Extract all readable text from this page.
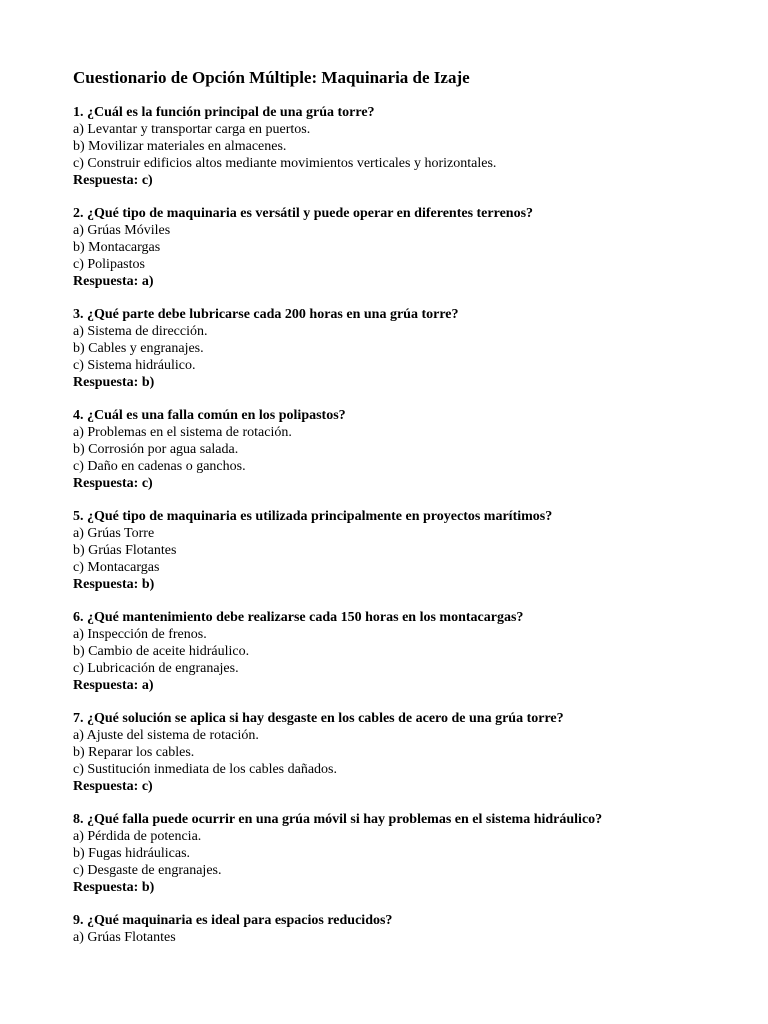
Cuestionario de Opción Múltiple: Maquinaria de Izaje
1. ¿Cuál es la función principal de una grúa torre?
a) Levantar y transportar carga en puertos.
b) Movilizar materiales en almacenes.
c) Construir edificios altos mediante movimientos verticales y horizontales.
Respuesta: c)
2. ¿Qué tipo de maquinaria es versátil y puede operar en diferentes terrenos?
a) Grúas Móviles
b) Montacargas
c) Polipastos
Respuesta: a)
3. ¿Qué parte debe lubricarse cada 200 horas en una grúa torre?
a) Sistema de dirección.
b) Cables y engranajes.
c) Sistema hidráulico.
Respuesta: b)
4. ¿Cuál es una falla común en los polipastos?
a) Problemas en el sistema de rotación.
b) Corrosión por agua salada.
c) Daño en cadenas o ganchos.
Respuesta: c)
5. ¿Qué tipo de maquinaria es utilizada principalmente en proyectos marítimos?
a) Grúas Torre
b) Grúas Flotantes
c) Montacargas
Respuesta: b)
6. ¿Qué mantenimiento debe realizarse cada 150 horas en los montacargas?
a) Inspección de frenos.
b) Cambio de aceite hidráulico.
c) Lubricación de engranajes.
Respuesta: a)
7. ¿Qué solución se aplica si hay desgaste en los cables de acero de una grúa torre?
a) Ajuste del sistema de rotación.
b) Reparar los cables.
c) Sustitución inmediata de los cables dañados.
Respuesta: c)
8. ¿Qué falla puede ocurrir en una grúa móvil si hay problemas en el sistema hidráulico?
a) Pérdida de potencia.
b) Fugas hidráulicas.
c) Desgaste de engranajes.
Respuesta: b)
9. ¿Qué maquinaria es ideal para espacios reducidos?
a) Grúas Flotantes
